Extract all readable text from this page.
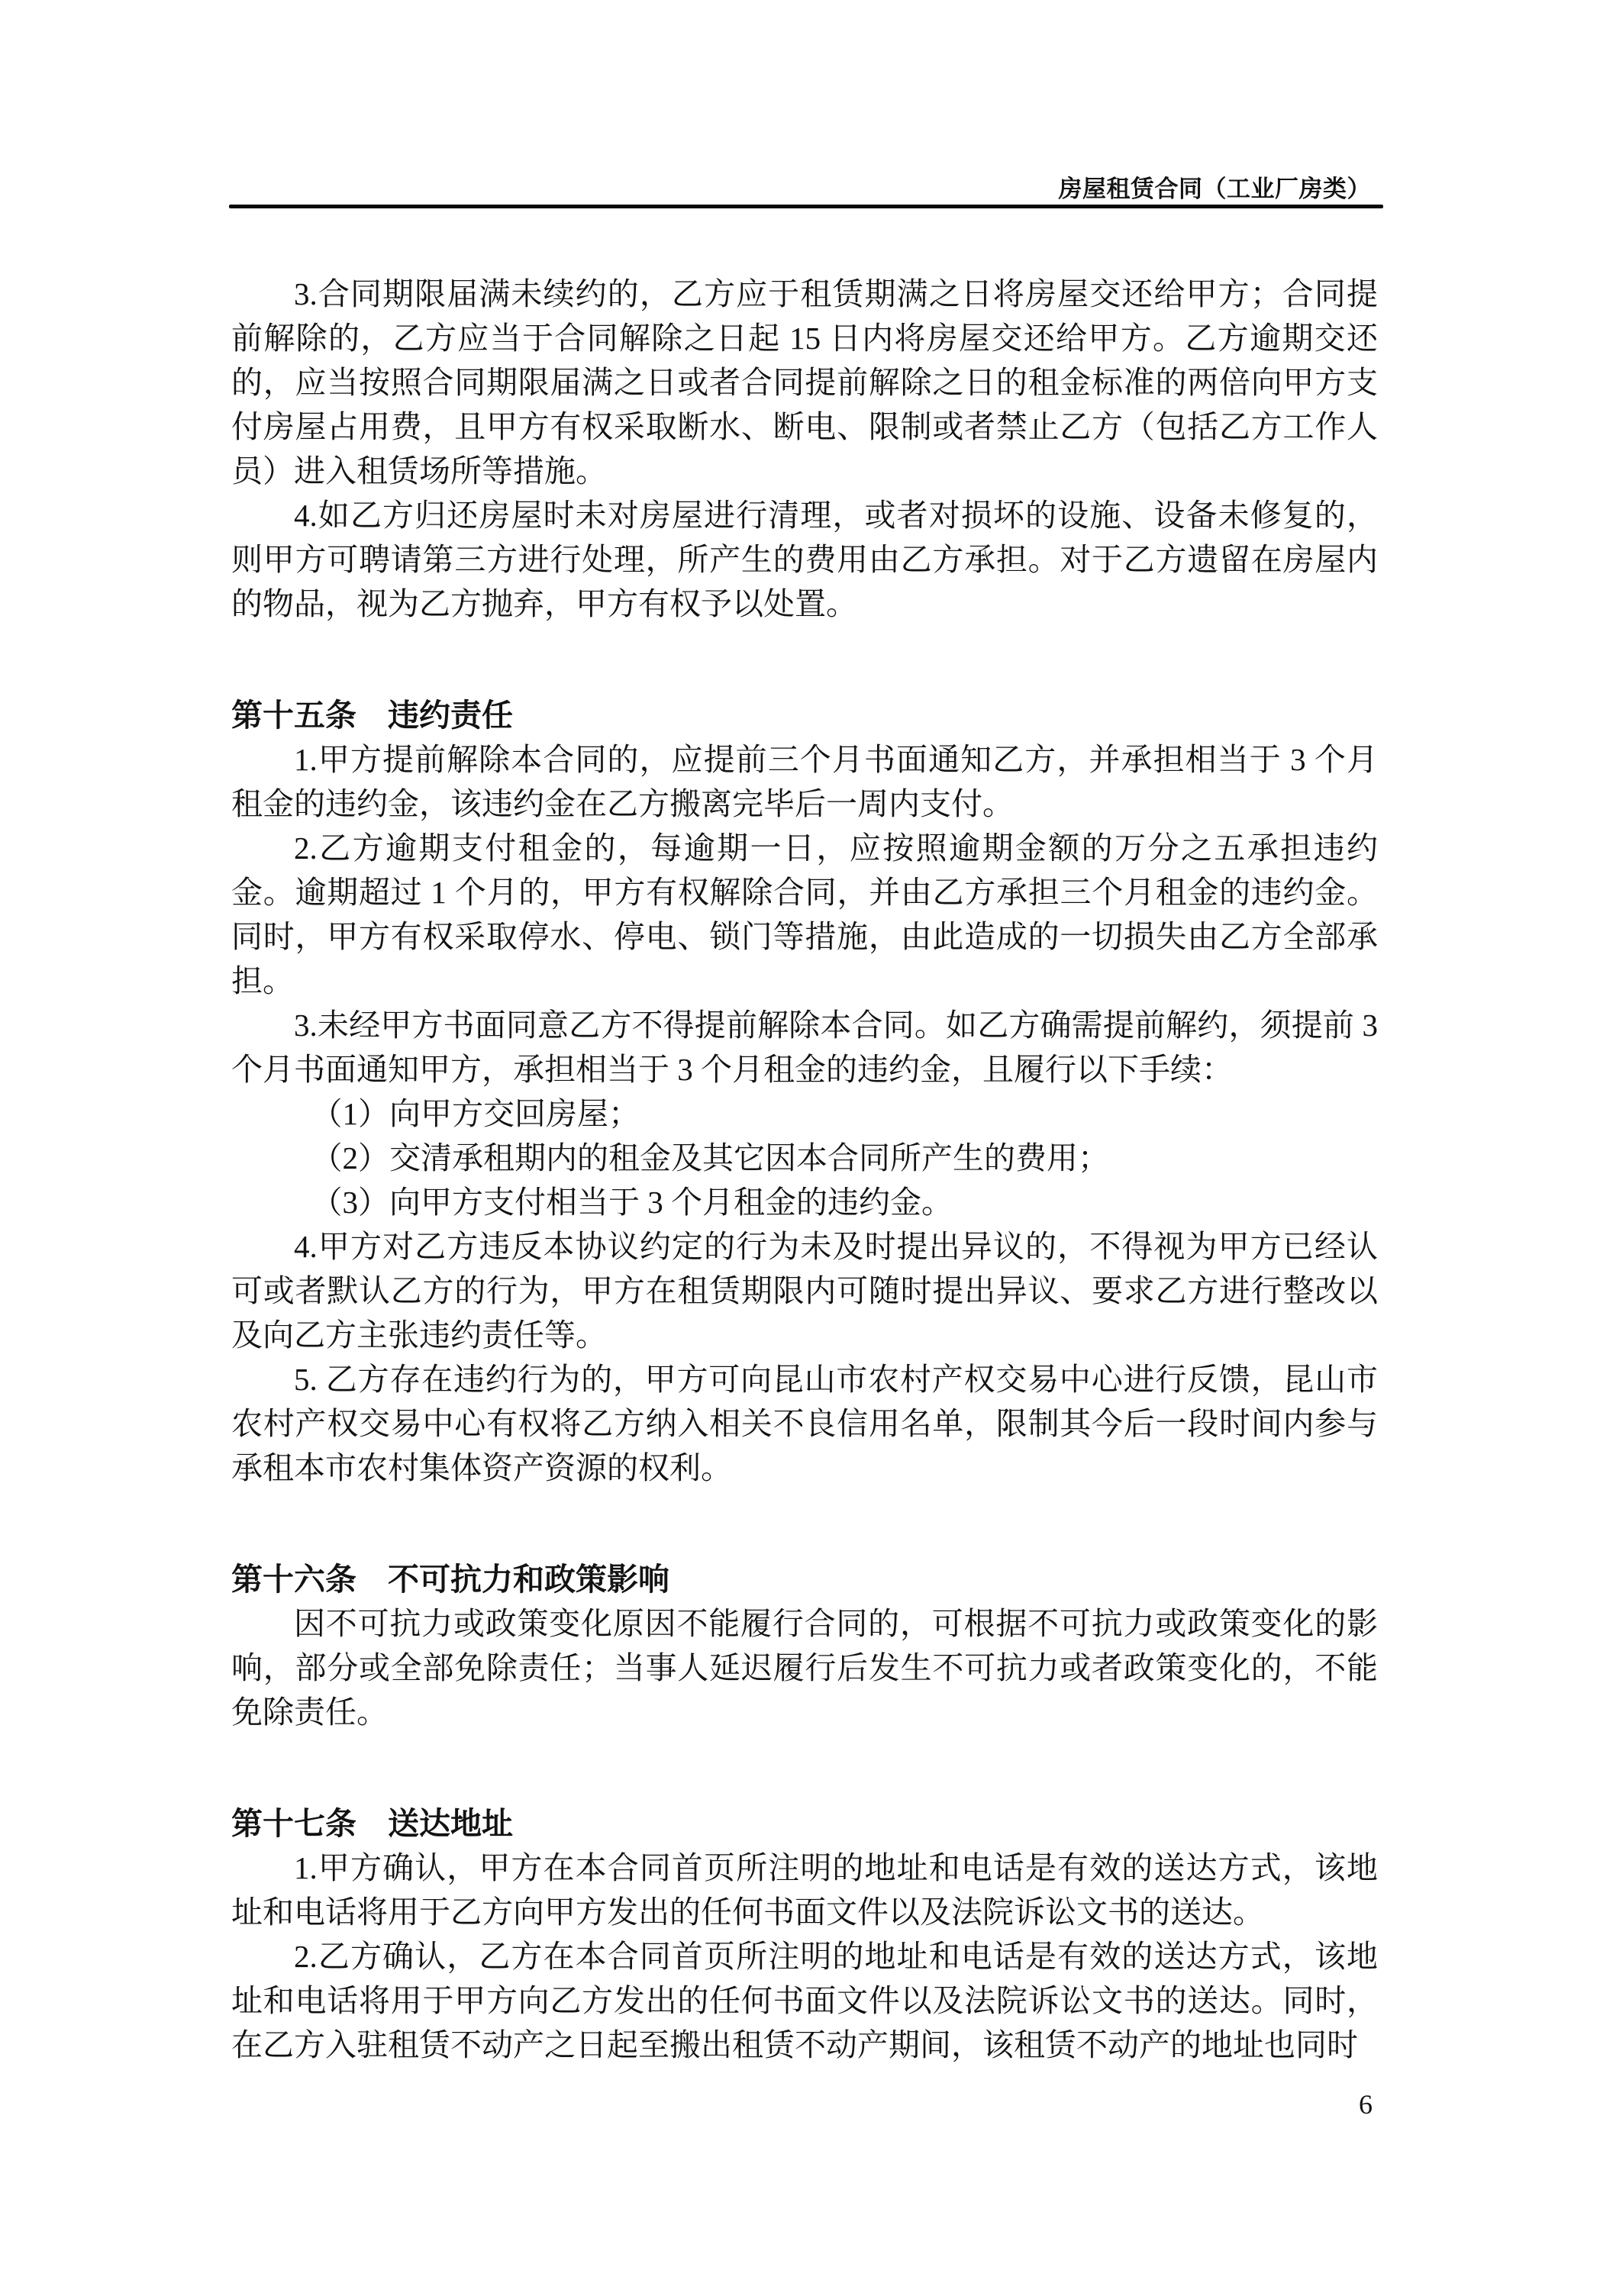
房屋租赁合同（工业厂房类）

3.合同期限届满未续约的，乙方应于租赁期满之日将房屋交还给甲方；合同提前解除的，乙方应当于合同解除之日起 15 日内将房屋交还给甲方。乙方逾期交还的，应当按照合同期限届满之日或者合同提前解除之日的租金标准的两倍向甲方支付房屋占用费，且甲方有权采取断水、断电、限制或者禁止乙方（包括乙方工作人员）进入租赁场所等措施。

4.如乙方归还房屋时未对房屋进行清理，或者对损坏的设施、设备未修复的，则甲方可聘请第三方进行处理，所产生的费用由乙方承担。对于乙方遗留在房屋内的物品，视为乙方抛弃，甲方有权予以处置。

第十五条　违约责任

1.甲方提前解除本合同的，应提前三个月书面通知乙方，并承担相当于 3 个月租金的违约金，该违约金在乙方搬离完毕后一周内支付。

2.乙方逾期支付租金的，每逾期一日，应按照逾期金额的万分之五承担违约金。逾期超过 1 个月的，甲方有权解除合同，并由乙方承担三个月租金的违约金。同时，甲方有权采取停水、停电、锁门等措施，由此造成的一切损失由乙方全部承担。

3.未经甲方书面同意乙方不得提前解除本合同。如乙方确需提前解约，须提前 3 个月书面通知甲方，承担相当于 3 个月租金的违约金，且履行以下手续：

（1）向甲方交回房屋；

（2）交清承租期内的租金及其它因本合同所产生的费用；

（3）向甲方支付相当于 3 个月租金的违约金。

4.甲方对乙方违反本协议约定的行为未及时提出异议的，不得视为甲方已经认可或者默认乙方的行为，甲方在租赁期限内可随时提出异议、要求乙方进行整改以及向乙方主张违约责任等。

5. 乙方存在违约行为的，甲方可向昆山市农村产权交易中心进行反馈，昆山市农村产权交易中心有权将乙方纳入相关不良信用名单，限制其今后一段时间内参与承租本市农村集体资产资源的权利。

第十六条　不可抗力和政策影响

因不可抗力或政策变化原因不能履行合同的，可根据不可抗力或政策变化的影响，部分或全部免除责任；当事人延迟履行后发生不可抗力或者政策变化的，不能免除责任。

第十七条　送达地址

1.甲方确认，甲方在本合同首页所注明的地址和电话是有效的送达方式，该地址和电话将用于乙方向甲方发出的任何书面文件以及法院诉讼文书的送达。

2.乙方确认，乙方在本合同首页所注明的地址和电话是有效的送达方式，该地址和电话将用于甲方向乙方发出的任何书面文件以及法院诉讼文书的送达。同时，在乙方入驻租赁不动产之日起至搬出租赁不动产期间，该租赁不动产的地址也同时

6
